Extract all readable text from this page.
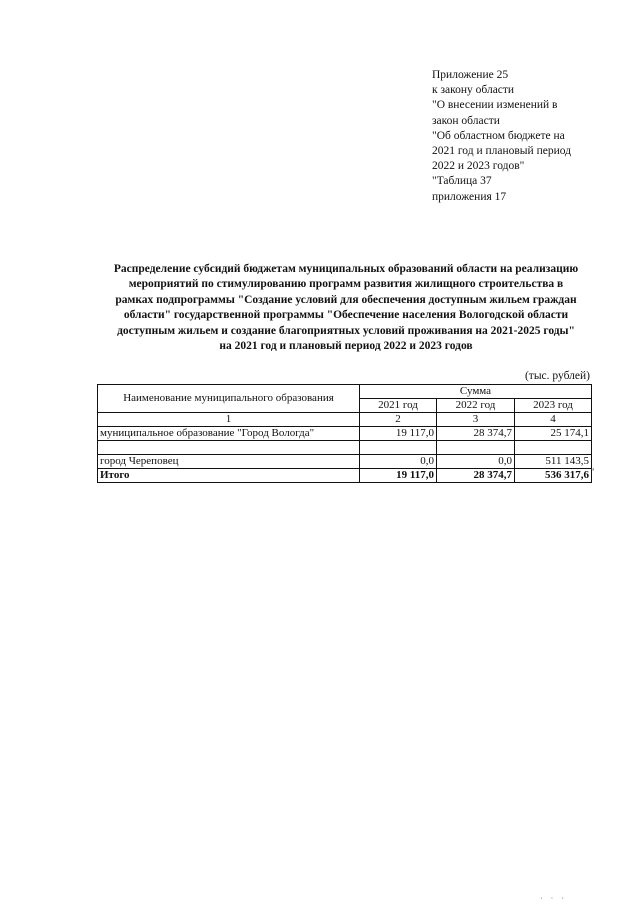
Приложение 25
к закону области
"О внесении изменений в
закон области
"Об областном бюджете на
2021 год и плановый период
2022 и 2023 годов"
"Таблица 37
приложения 17
Распределение субсидий бюджетам муниципальных образований области на реализацию
мероприятий по стимулированию программ развития жилищного строительства в
рамках подпрограммы "Создание условий для обеспечения доступным жильем граждан
области" государственной программы "Обеспечение населения Вологодской области
доступным жильем и создание благоприятных условий проживания на 2021-2025 годы"
на 2021 год и плановый период 2022 и 2023 годов
(тыс. рублей)
Наименование муниципального образования	Сумма		
	2021 год	2022 год	2023 год
1	2	3	4
муниципальное образование "Город Вологда"	19 117,0	28 374,7	25 174,1

город Череповец	0,0	0,0	511 143,5
Итого	19 117,0	28 374,7	536 317,6 "
· · ·
